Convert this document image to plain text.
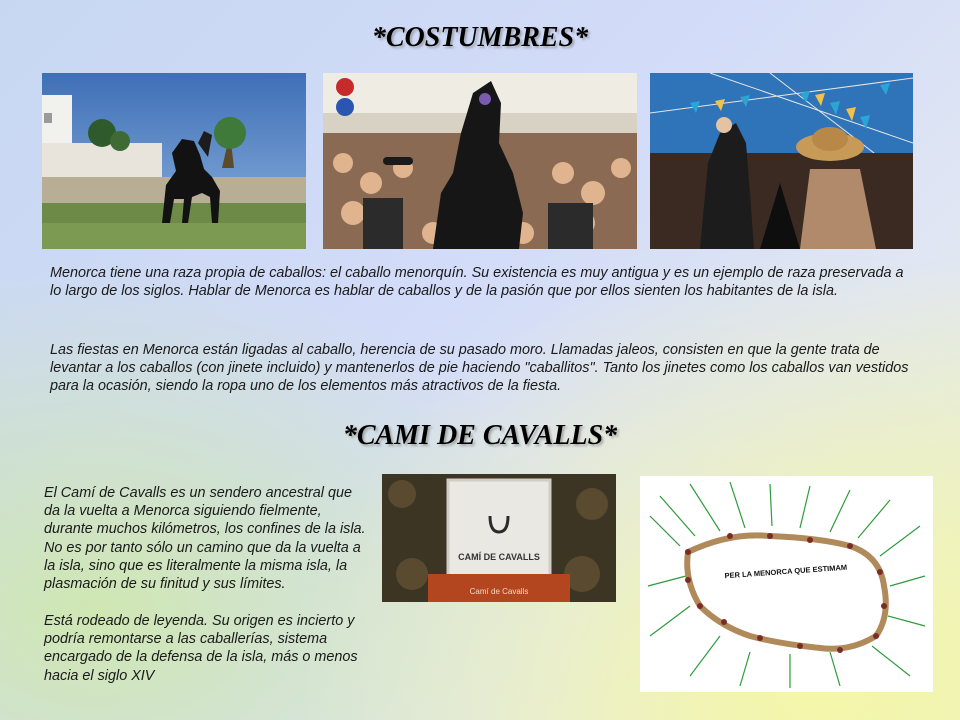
*COSTUMBRES*

Menorca tiene una raza propia de caballos: el caballo menorquín. Su existencia es muy antigua y es un ejemplo de raza preservada a lo largo de los siglos. Hablar de Menorca es hablar de caballos y de la pasión que por ellos sienten los habitantes de la isla.

Las fiestas en Menorca están ligadas al caballo, herencia de su pasado moro. Llamadas jaleos, consisten en que la gente trata de levantar a los caballos (con jinete incluido) y mantenerlos de pie haciendo "caballitos". Tanto los jinetes como los caballos van vestidos para la ocasión, siendo la ropa uno de los elementos más atractivos de la fiesta.

*CAMI DE CAVALLS*

El Camí de Cavalls es un sendero ancestral que da la vuelta a Menorca siguiendo fielmente, durante muchos kilómetros, los confines de la isla. No es por tanto sólo un camino que da la vuelta a la isla, sino que es literalmente la misma isla, la plasmación de su finitud y sus límites.

Está rodeado de leyenda. Su origen es incierto y podría remontarse a las caballerías, sistema encargado de la defensa de la isla, más o menos hacia el siglo XIV

CAMÍ DE CAVALLS
Camí de Cavalls
PER LA MENORCA QUE ESTIMAM
